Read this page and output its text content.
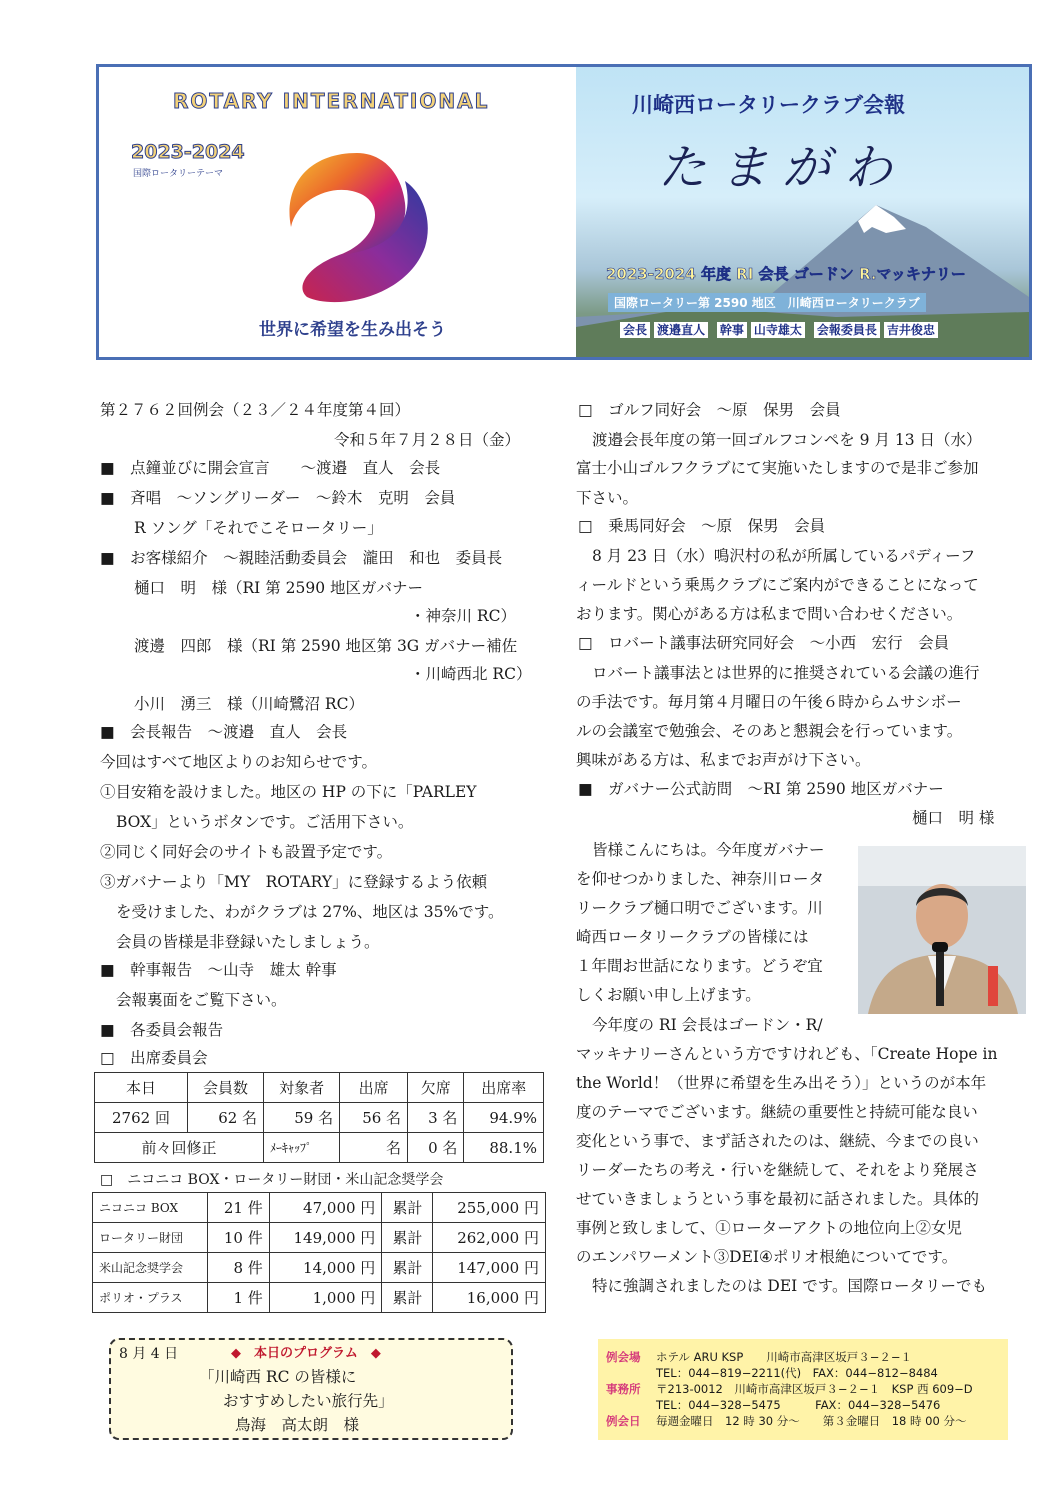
ROTARY INTERNATIONAL
2023-2024
国際ロータリーテーマ
世界に希望を生み出そう
川崎西ロータリークラブ会報
たまがわ
2023-2024 年度 RI 会長 ゴードン R.マッキナリー
国際ロータリー第 2590 地区　川崎西ロータリークラブ
会長 渡邉直人 幹事 山寺雄太 会報委員長 吉井俊忠
第２７６２回例会（２３／２４年度第４回）
令和５年７月２８日（金）
■　 点鐘並びに開会宣言　　～渡邉　直人　会長
■　 斉唱　～ソングリーダー　～鈴木　克明　会員
R ソング「それでこそロータリー」
■　 お客様紹介　～親睦活動委員会　瀧田　和也　委員長
樋口　明　様（RI 第 2590 地区ガバナー
・神奈川 RC）
渡邊　四郎　様（RI 第 2590 地区第 3G ガバナー補佐
・川崎西北 RC）
小川　湧三　様（川崎鷺沼 RC）
■　 会長報告　～渡邉　直人　会長
今回はすべて地区よりのお知らせです。
①目安箱を設けました。地区の HP の下に「PARLEY
BOX」というボタンです。ご活用下さい。
②同じく同好会のサイトも設置予定です。
③ガバナーより「MY　ROTARY」に登録するよう依頼
を受けました、わがクラブは 27%、地区は 35%です。
会員の皆様是非登録いたしましょう。
■　 幹事報告　～山寺　雄太 幹事
会報裏面をご覧下さい。
■　 各委員会報告
□　 出席委員会
本日	会員数	対象者	出席	欠席	出席率
2762 回	62 名	59 名	56 名	3 名	94.9%
前々回修正		ﾒｰｷｬｯﾌﾟ	名	0 名	88.1%
□　 ニコニコ BOX・ロータリー財団・米山記念奨学会
ニコニコ BOX	21 件	47,000 円	累計	255,000 円
ロータリー財団	10 件	149,000 円	累計	262,000 円
米山記念奨学会	8 件	14,000 円	累計	147,000 円
ポリオ・プラス	1 件	1,000 円	累計	16,000 円
8 月 4 日	◆　本日のプログラム　◆
「川崎西 RC の皆様に
おすすめしたい旅行先」
鳥海　高太朗　様
□　 ゴルフ同好会　～原　保男　会員
渡邉会長年度の第一回ゴルフコンペを 9 月 13 日（水）
富士小山ゴルフクラブにて実施いたしますので是非ご参加
下さい。
□　 乗馬同好会　～原　保男　会員
8 月 23 日（水）鳴沢村の私が所属しているパディーフ
ィールドという乗馬クラブにご案内ができることになって
おります。関心がある方は私まで問い合わせください。
□　 ロバート議事法研究同好会　～小西　宏行　会員
ロバート議事法とは世界的に推奨されている会議の進行
の手法です。毎月第４月曜日の午後６時からムサシボー
ルの会議室で勉強会、そのあと懇親会を行っています。
興味がある方は、私までお声がけ下さい。
■　 ガバナー公式訪問　～RI 第 2590 地区ガバナー
樋口　明 様
皆様こんにちは。今年度ガバナー
を仰せつかりました、神奈川ロータ
リークラブ樋口明でございます。川
崎西ロータリークラブの皆様には
１年間お世話になります。どうぞ宜
しくお願い申し上げます。
今年度の RI 会長はゴードン・R/
マッキナリーさんという方ですけれども、「Create Hope in
the World！（世界に希望を生み出そう）」というのが本年
度のテーマでございます。継続の重要性と持続可能な良い
変化という事で、まず話されたのは、継続、今までの良い
リーダーたちの考え・行いを継続して、それをより発展さ
せていきましょうという事を最初に話されました。具体的
事例と致しまして、①ローターアクトの地位向上②女児
のエンパワーメント③DEI④ポリオ根絶についてです。
特に強調されましたのは DEI です。国際ロータリーでも
例会場 ホテル ARU KSP　　川崎市高津区坂戸３−２−１
TEL：044−819−2211(代)　FAX：044−812−8484
事務所 〒213-0012　川崎市高津区坂戸３−２−１　KSP 西 609−D
TEL：044−328−5475　　　FAX：044−328−5476
例会日 毎週金曜日　12 時 30 分～　　第３金曜日　18 時 00 分～
